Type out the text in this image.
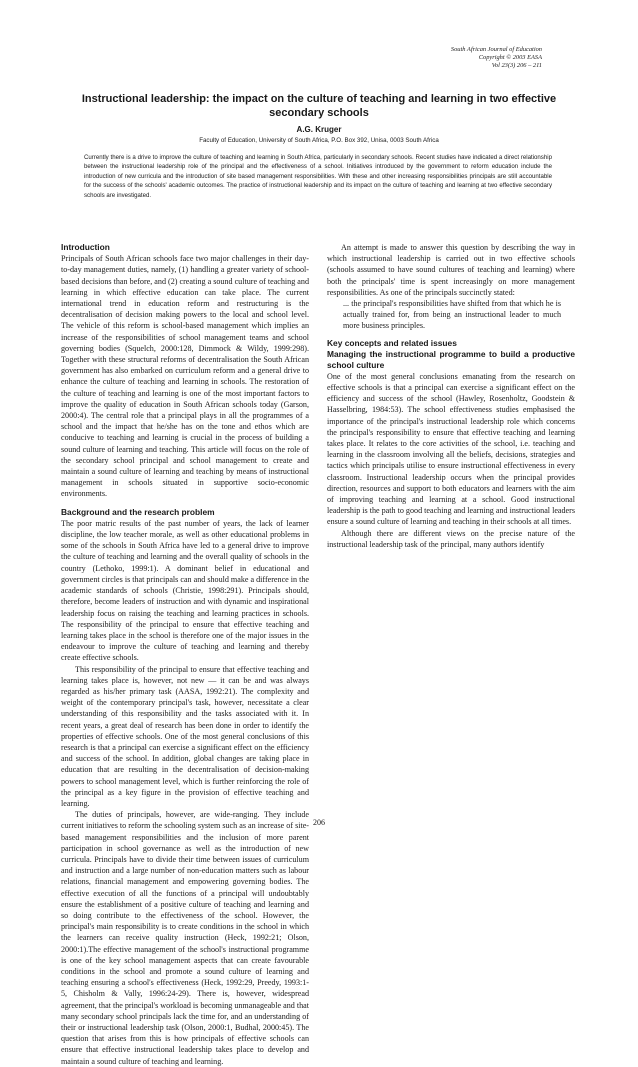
South African Journal of Education
Copyright © 2003 EASA
Vol 23(3) 206 – 211
Instructional leadership: the impact on the culture of teaching and learning in two effective secondary schools
A.G. Kruger
Faculty of Education, University of South Africa, P.O. Box 392, Unisa, 0003 South Africa

Currently there is a drive to improve the culture of teaching and learning in South Africa, particularly in secondary schools. Recent studies have indicated a direct relationship between the instructional leadership role of the principal and the effectiveness of a school. Initiatives introduced by the government to reform education include the introduction of new curricula and the introduction of site based management responsibilities. With these and other increasing responsibilities principals are still accountable for the success of the schools' academic outcomes. The practice of instructional leadership and its impact on the culture of teaching and learning at two effective secondary schools are investigated.

Introduction

Principals of South African schools face two major challenges in their day-to-day management duties, namely, (1) handling a greater variety of school-based decisions than before, and (2) creating a sound culture of teaching and learning in which effective education can take place. The current international trend in education reform and restructuring is the decentralisation of decision making powers to the local and school level. The vehicle of this reform is school-based management which implies an increase of the responsibilities of school management teams and school governing bodies (Squelch, 2000:128, Dimmock & Wildy, 1999:298). Together with these structural reforms of decentralisation the South African government has also embarked on curriculum reform and a general drive to enhance the culture of teaching and learning in schools. The restoration of the culture of teaching and learning is one of the most important factors to improve the quality of education in South African schools today (Garson, 2000:4). The central role that a principal plays in all the programmes of a school and the impact that he/she has on the tone and ethos which are conducive to teaching and learning is crucial in the process of building a sound culture of learning and teaching. This article will focus on the role of the secondary school principal and school management to create and maintain a sound culture of learning and teaching by means of instructional management in schools situated in supportive socio-economic environments.

Background and the research problem

The poor matric results of the past number of years, the lack of learner discipline, the low teacher morale, as well as other educational problems in some of the schools in South Africa have led to a general drive to improve the culture of teaching and learning and the overall quality of schools in the country (Lethoko, 1999:1). A dominant belief in educational and government circles is that principals can and should make a difference in the academic standards of schools (Christie, 1998:291). Principals should, therefore, become leaders of instruction and with dynamic and inspirational leadership focus on raising the teaching and learning practices in schools. The responsibility of the principal to ensure that effective teaching and learning takes place in the school is therefore one of the major issues in the endeavour to improve the culture of teaching and learning and thereby create effective schools.

This responsibility of the principal to ensure that effective teaching and learning takes place is, however, not new — it can be and was always regarded as his/her primary task (AASA, 1992:21). The complexity and weight of the contemporary principal's task, however, necessitate a clear understanding of this responsibility and the tasks associated with it. In recent years, a great deal of research has been done in order to identify the properties of effective schools. One of the most general conclusions of this research is that a principal can exercise a significant effect on the efficiency and success of the school. In addition, global changes are taking place in education that are resulting in the decentralisation of decision-making powers to school management level, which is further reinforcing the role of the principal as a key figure in the provision of effective teaching and learning.

The duties of principals, however, are wide-ranging. They include current initiatives to reform the schooling system such as an increase of site-based management responsibilities and the inclusion of more parent participation in school governance as well as the introduction of new curricula. Principals have to divide their time between issues of curriculum and instruction and a large number of non-education matters such as labour relations, financial management and empowering governing bodies. The effective execution of all the functions of a principal will undoubtably ensure the establishment of a positive culture of teaching and learning and so doing contribute to the effectiveness of the school. However, the principal's main responsibility is to create conditions in the school in which the learners can receive quality instruction (Heck, 1992:21; Olson, 2000:1).The effective management of the school's instructional programme is one of the key school management aspects that can create favourable conditions in the school and promote a sound culture of learning and teaching ensuring a school's effectiveness (Heck, 1992:29, Preedy, 1993:1-5, Chisholm & Vally, 1996:24-29). There is, however, widespread agreement, that the principal's workload is becoming unmanageable and that many secondary school principals lack the time for, and an understanding of their or instructional leadership task (Olson, 2000:1, Budhal, 2000:45). The question that arises from this is how principals of effective schools can ensure that effective instructional leadership takes place to develop and maintain a sound culture of teaching and learning.

An attempt is made to answer this question by describing the way in which instructional leadership is carried out in two effective schools (schools assumed to have sound cultures of teaching and learning) where both the principals' time is spent increasingly on more management responsibilities. As one of the principals succinctly stated:

... the principal's responsibilities have shifted from that which he is actually trained for, from being an instructional leader to much more business principles.

Key concepts and related issues
Managing the instructional programme to build a productive school culture

One of the most general conclusions emanating from the research on effective schools is that a principal can exercise a significant effect on the efficiency and success of the school (Hawley, Rosenholtz, Goodstein & Hasselbring, 1984:53). The school effectiveness studies emphasised the importance of the principal's instructional leadership role which concerns the principal's responsibility to ensure that effective teaching and learning takes place. It relates to the core activities of the school, i.e. teaching and learning in the classroom involving all the beliefs, decisions, strategies and tactics which principals utilise to ensure instructional effectiveness in every classroom. Instructional leadership occurs when the principal provides direction, resources and support to both educators and learners with the aim of improving teaching and learning at a school. Good instructional leadership is the path to good teaching and learning and instructional leaders ensure a sound culture of learning and teaching in their schools at all times.

Although there are different views on the precise nature of the instructional leadership task of the principal, many authors identify

206
